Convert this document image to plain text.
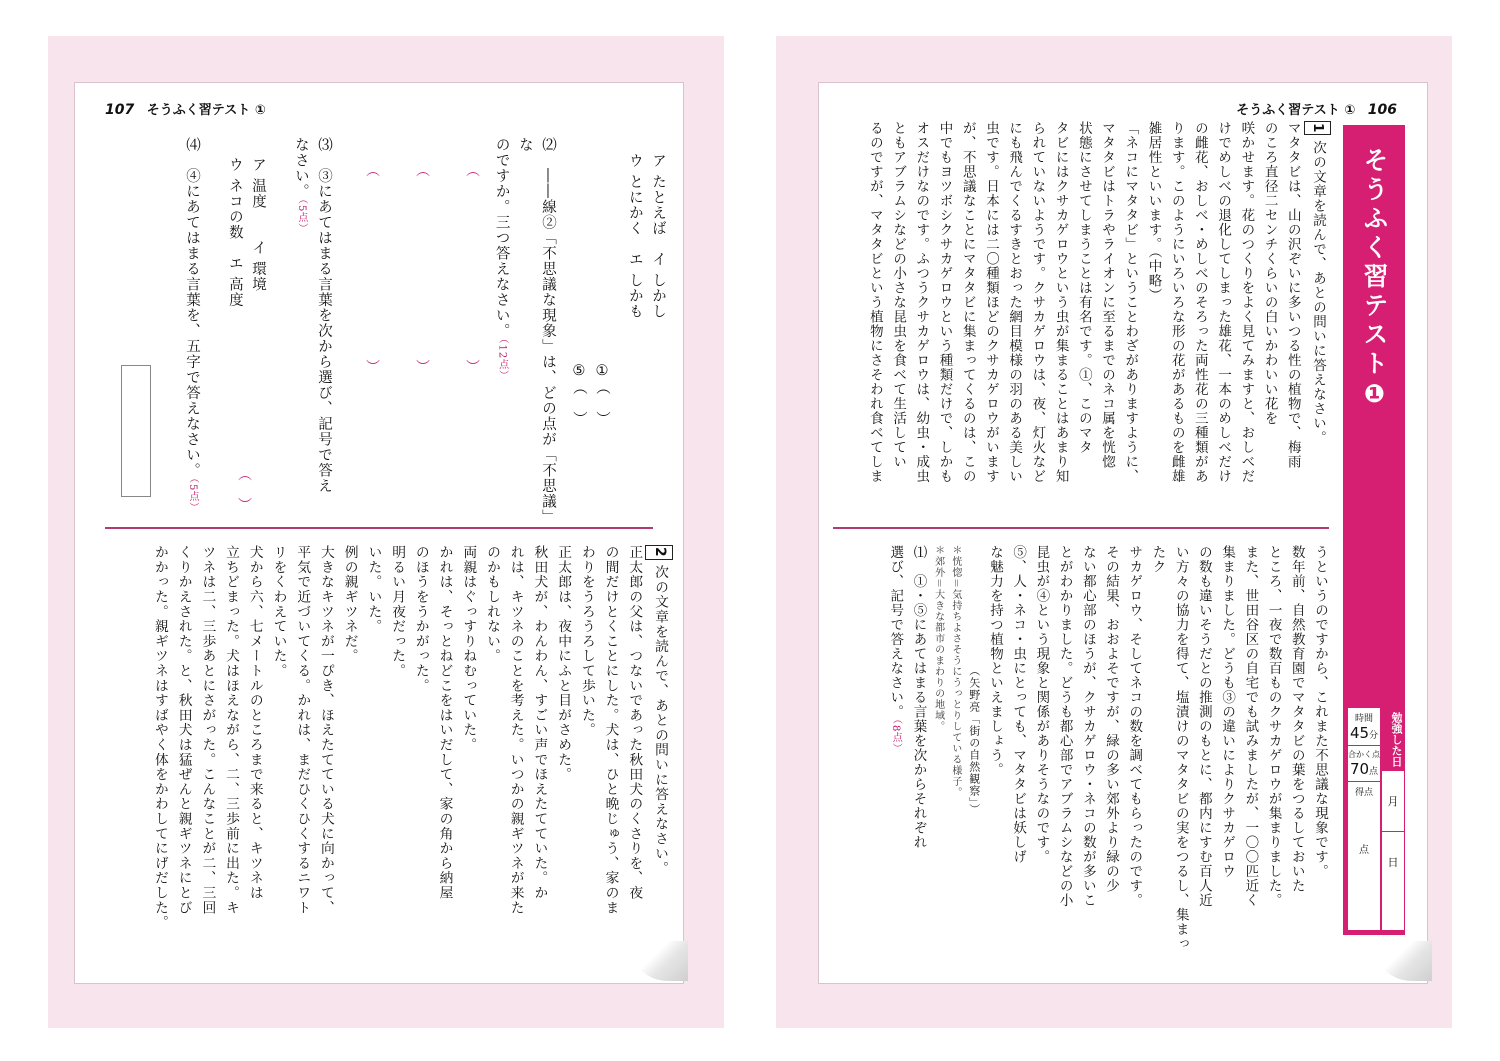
107 そうふく習テスト ①
ア たとえば　イ しかし
ウ とにかく　エ しかも
①（　）
⑤（　）
⑵　――線②「不思議な現象」は、どの点が「不思議」な
のですか。三つ答えなさい。（12点）
（　　　　　　　　　　　　　）
（　　　　　　　　　　　　　）
（　　　　　　　　　　　　　）
⑶　③にあてはまる言葉を次から選び、記号で答え
なさい。（5点）
ア 温度　　イ 環境
ウ ネコの数　エ 高度
（　）
⑷　④にあてはまる言葉を、五字で答えなさい。（5点）
2 次の文章を読んで、あとの問いに答えなさい。
正太郎の父は、つないであった秋田犬のくさりを、夜
の間だけとくことにした。犬は、ひと晩じゅう、家のま
わりをうろうろして歩いた。
正太郎は、夜中にふと目がさめた。
秋田犬が、わんわん、すごい声でほえたてていた。か
れは、キツネのことを考えた。いつかの親ギツネが来た
のかもしれない。
両親はぐっすりねむっていた。
かれは、そっとねどこをはいだして、家の角から納屋
のほうをうかがった。
明るい月夜だった。
いた。いた。
例の親ギツネだ。
大きなキツネが一ぴき、ほえたてている犬に向かって、
平気で近づいてくる。かれは、まだひくひくするニワト
リをくわえていた。
犬から六、七メートルのところまで来ると、キツネは
立ちどまった。犬はほえながら、二、三歩前に出た。キ
ツネは二、三歩あとにさがった。こんなことが二、三回
くりかえされた。と、秋田犬は猛ぜんと親ギツネにとび
かかった。親ギツネはすばやく体をかわしてにげだした。
そうふく習テスト ① 106
そうふく習テスト❶
時間
45分
合かく点
70点
得点
点
勉強した日
月
日
1 次の文章を読んで、あとの問いに答えなさい。
マタタビは、山の沢ぞいに多いつる性の植物で、梅雨
のころ直径二センチくらいの白いかわいい花を
咲かせます。花のつくりをよく見てみますと、おしべだ
けでめしべの退化してしまった雄花、一本のめしべだけ
の雌花、おしべ・めしべのそろった両性花の三種類があ
ります。このようにいろいろな形の花があるものを雌雄
雑居性といいます。（中略）
「ネコにマタタビ」ということわざがありますように、
マタタビはトラやライオンに至るまでのネコ属を恍惚
状態にさせてしまうことは有名です。①、このマタ
タビにはクサカゲロウという虫が集まることはあまり知
られていないようです。クサカゲロウは、夜、灯火など
にも飛んでくるすきとおった網目模様の羽のある美しい
虫です。日本には二〇種類ほどのクサカゲロウがいます
が、不思議なことにマタタビに集まってくるのは、この
中でもヨツボシクサカゲロウという種類だけで、しかも
オスだけなのです。ふつうクサカゲロウは、幼虫・成虫
ともアブラムシなどの小さな昆虫を食べて生活してい
るのですが、マタタビという植物にさそわれ食べてしま
うというのですから、これまた不思議な現象です。
数年前、自然教育園でマタタビの葉をつるしておいた
ところ、一夜で数百ものクサカゲロウが集まりました。
また、世田谷区の自宅でも試みましたが、一〇〇匹近く
集まりました。どうも③の違いによりクサカゲロウ
の数も違いそうだとの推測のもとに、都内にすむ百人近
い方々の協力を得て、塩漬けのマタタビの実をつるし、集まったク
サカゲロウ、そしてネコの数を調べてもらったのです。
その結果、おおよそですが、緑の多い郊外より緑の少
ない都心部のほうが、クサカゲロウ・ネコの数が多いこ
とがわかりました。どうも都心部でアブラムシなどの小
昆虫が④という現象と関係がありそうなのです。
⑤、人・ネコ・虫にとっても、マタタビは妖しげ
な魅力を持つ植物といえましょう。
（矢野亮「街の自然観察」）
＊恍惚＝気持ちよさそうにうっとりしている様子。
＊郊外＝大きな都市のまわりの地域。
⑴　①・⑤にあてはまる言葉を次からそれぞれ
選び、記号で答えなさい。（8点）
